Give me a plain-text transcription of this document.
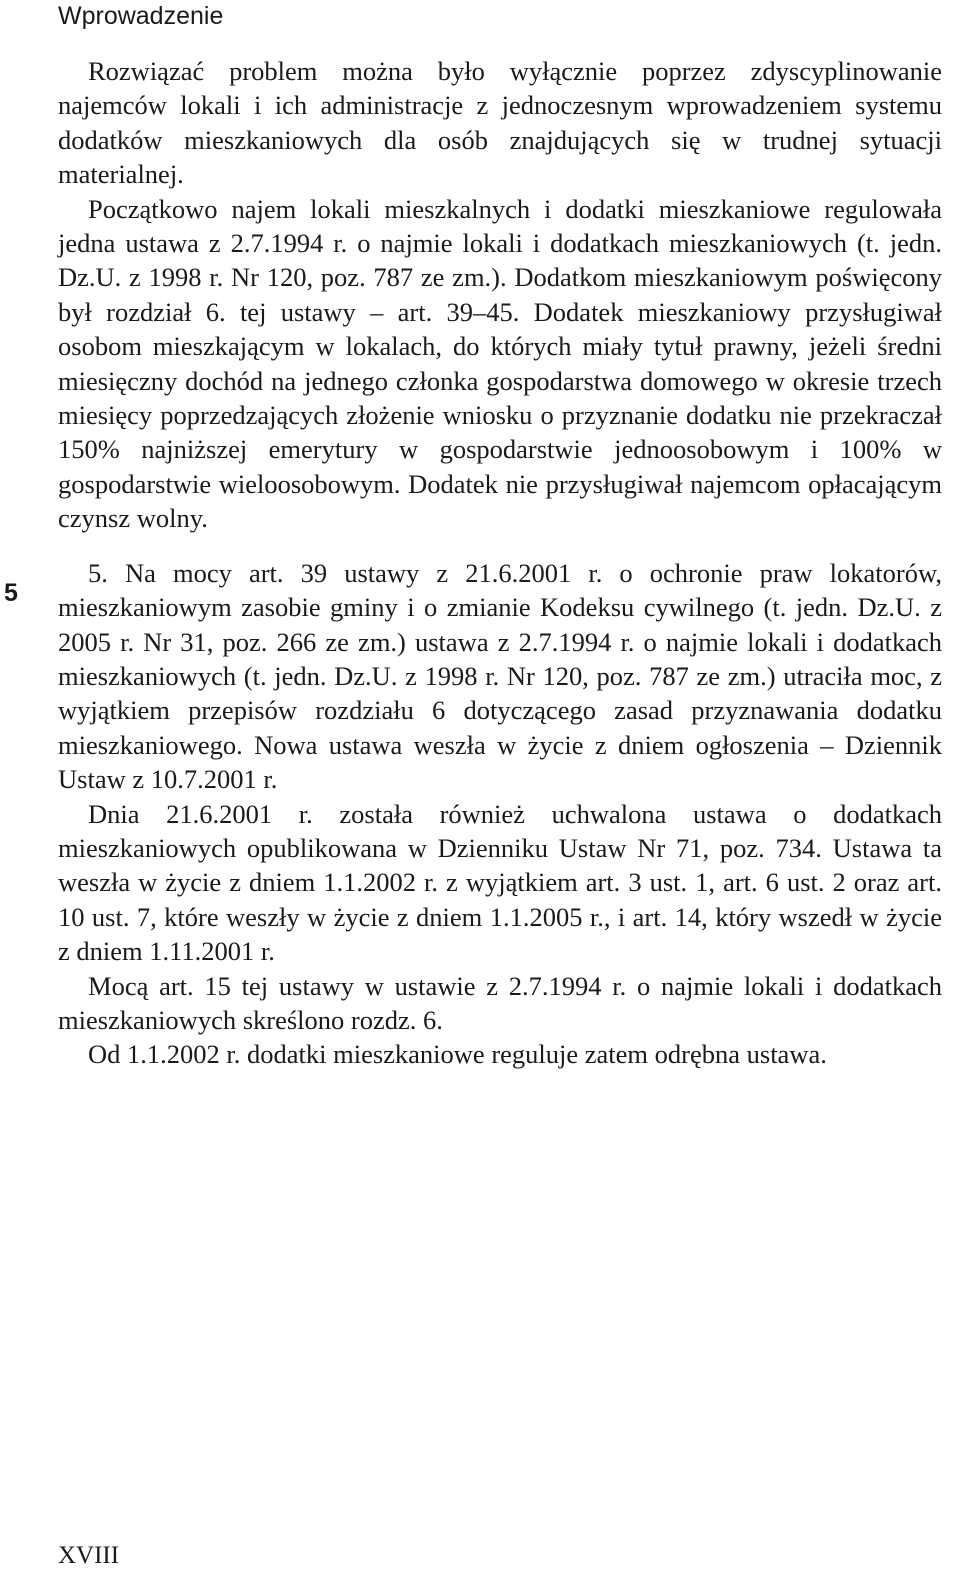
Wprowadzenie
5

Rozwiązać problem można było wyłącznie poprzez zdyscyplinowanie najemców lokali i ich administracje z jednoczesnym wprowadzeniem systemu dodatków mieszkaniowych dla osób znajdujących się w trudnej sytuacji materialnej.

Początkowo najem lokali mieszkalnych i dodatki mieszkaniowe regulowała jedna ustawa z 2.7.1994 r. o najmie lokali i dodatkach mieszkaniowych (t. jedn. Dz.U. z 1998 r. Nr 120, poz. 787 ze zm.). Dodatkom mieszkaniowym poświęcony był rozdział 6. tej ustawy – art. 39–45. Dodatek mieszkaniowy przysługiwał osobom mieszkającym w lokalach, do których miały tytuł prawny, jeżeli średni miesięczny dochód na jednego członka gospodarstwa domowego w okresie trzech miesięcy poprzedzających złożenie wniosku o przyznanie dodatku nie przekraczał 150% najniższej emerytury w gospodarstwie jednoosobowym i 100% w gospodarstwie wieloosobowym. Dodatek nie przysługiwał najemcom opłacającym czynsz wolny.

5. Na mocy art. 39 ustawy z 21.6.2001 r. o ochronie praw lokatorów, mieszkaniowym zasobie gminy i o zmianie Kodeksu cywilnego (t. jedn. Dz.U. z 2005 r. Nr 31, poz. 266 ze zm.) ustawa z 2.7.1994 r. o najmie lokali i dodatkach mieszkaniowych (t. jedn. Dz.U. z 1998 r. Nr 120, poz. 787 ze zm.) utraciła moc, z wyjątkiem przepisów rozdziału 6 dotyczącego zasad przyznawania dodatku mieszkaniowego. Nowa ustawa weszła w życie z dniem ogłoszenia – Dziennik Ustaw z 10.7.2001 r.

Dnia 21.6.2001 r. została również uchwalona ustawa o dodatkach mieszkaniowych opublikowana w Dzienniku Ustaw Nr 71, poz. 734. Ustawa ta weszła w życie z dniem 1.1.2002 r. z wyjątkiem art. 3 ust. 1, art. 6 ust. 2 oraz art. 10 ust. 7, które weszły w życie z dniem 1.1.2005 r., i art. 14, który wszedł w życie z dniem 1.11.2001 r.

Mocą art. 15 tej ustawy w ustawie z 2.7.1994 r. o najmie lokali i dodatkach mieszkaniowych skreślono rozdz. 6.

Od 1.1.2002 r. dodatki mieszkaniowe reguluje zatem odrębna ustawa.

XVIII
